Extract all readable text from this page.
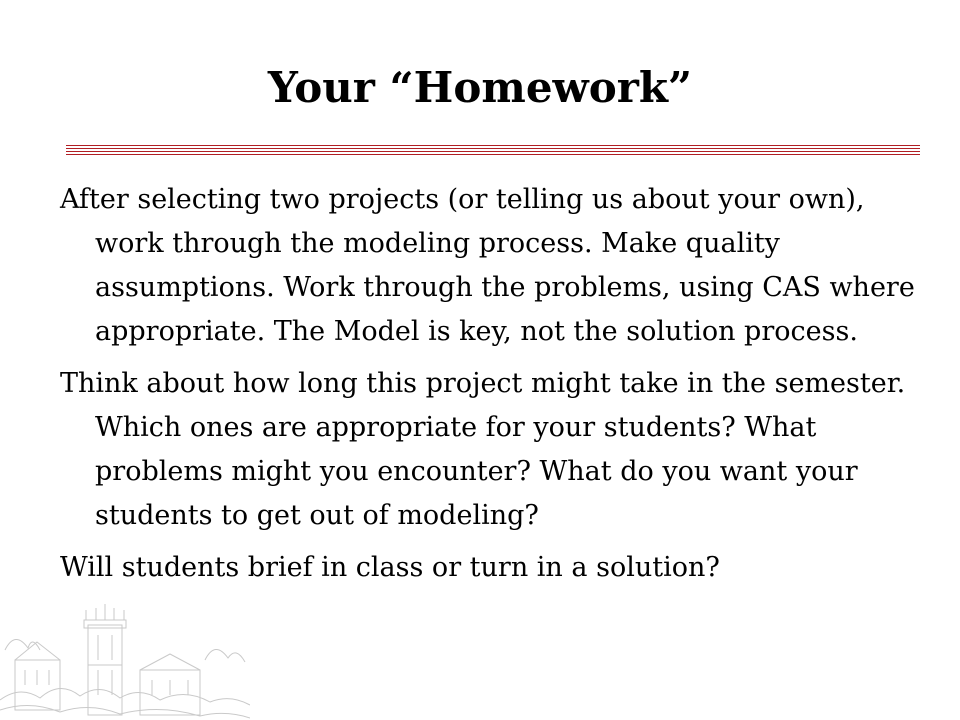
Your “Homework”

After selecting two projects (or telling us about your own), work through the modeling process. Make quality assumptions. Work through the problems, using CAS where appropriate. The Model is key, not the solution process.

Think about how long this project might take in the semester. Which ones are appropriate for your students? What problems might you encounter? What do you want your students to get out of modeling?

Will students brief in class or turn in a solution?
